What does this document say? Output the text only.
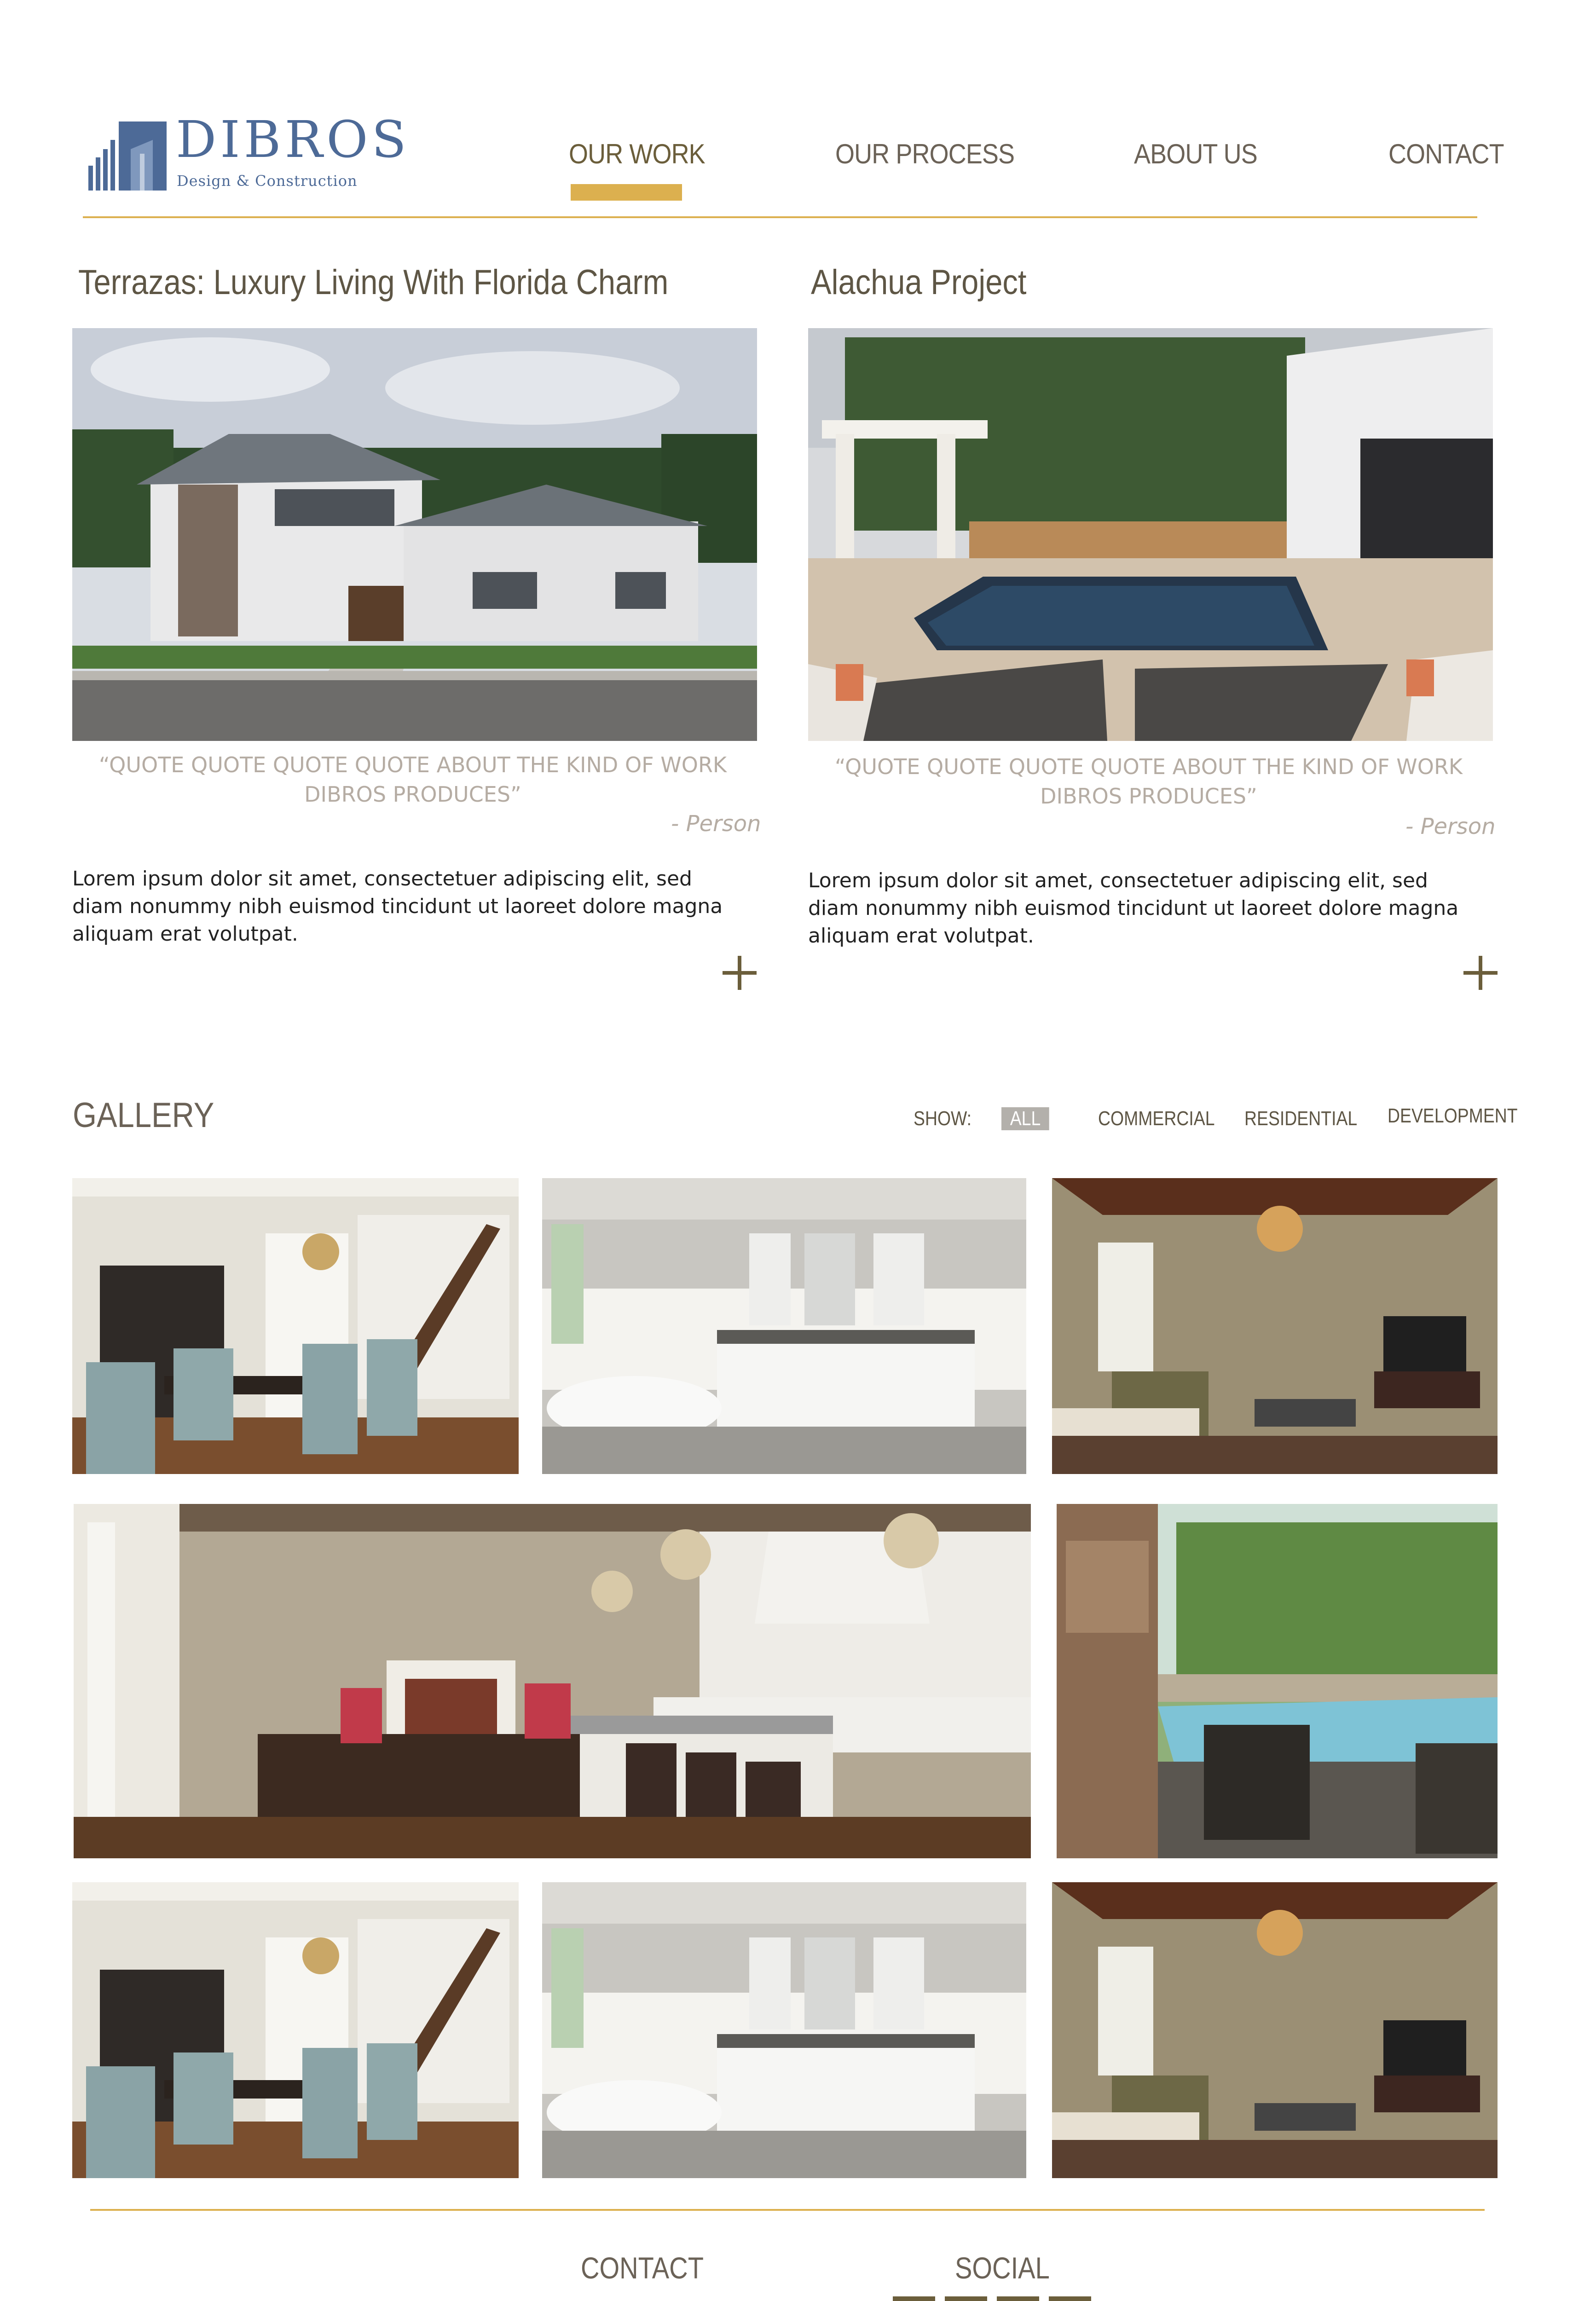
DIBROS
Design & Construction
OUR WORK	OUR PROCESS	ABOUT US	CONTACT
Terrazas: Luxury Living With Florida Charm
“QUOTE QUOTE QUOTE QUOTE ABOUT THE KIND OF WORK DIBROS PRODUCES”
- Person
Lorem ipsum dolor sit amet, consectetuer adipiscing elit, sed diam nonummy nibh euismod tincidunt ut laoreet dolore magna aliquam erat volutpat.
Alachua Project
“QUOTE QUOTE QUOTE QUOTE ABOUT THE KIND OF WORK DIBROS PRODUCES”
- Person
Lorem ipsum dolor sit amet, consectetuer adipiscing elit, sed diam nonummy nibh euismod tincidunt ut laoreet dolore magna aliquam erat volutpat.
GALLERY	SHOW:	ALL	COMMERCIAL RESIDENTIAL DEVELOPMENT
CONTACT	SOCIAL
